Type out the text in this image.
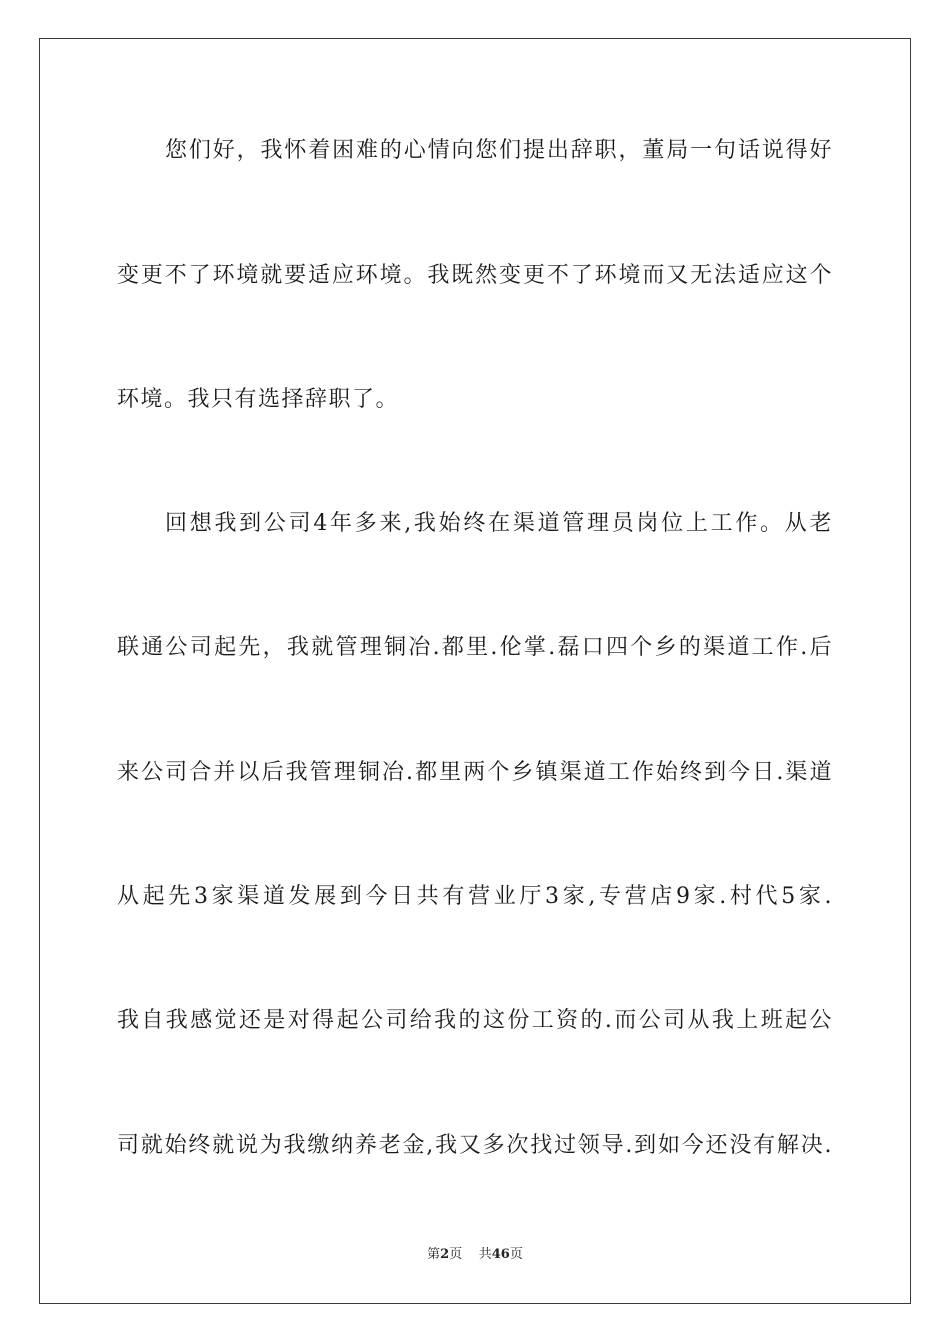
您们好，我怀着困难的心情向您们提出辞职，董局一句话说得好
变更不了环境就要适应环境。我既然变更不了环境而又无法适应这个
环境。我只有选择辞职了。
回想我到公司4年多来,我始终在渠道管理员岗位上工作。从老
联通公司起先，我就管理铜冶.都里.伦掌.磊口四个乡的渠道工作.后
来公司合并以后我管理铜冶.都里两个乡镇渠道工作始终到今日.渠道
从起先3家渠道发展到今日共有营业厅3家,专营店9家.村代5家.
我自我感觉还是对得起公司给我的这份工资的.而公司从我上班起公
司就始终就说为我缴纳养老金,我又多次找过领导.到如今还没有解决.
第2页 共46页
